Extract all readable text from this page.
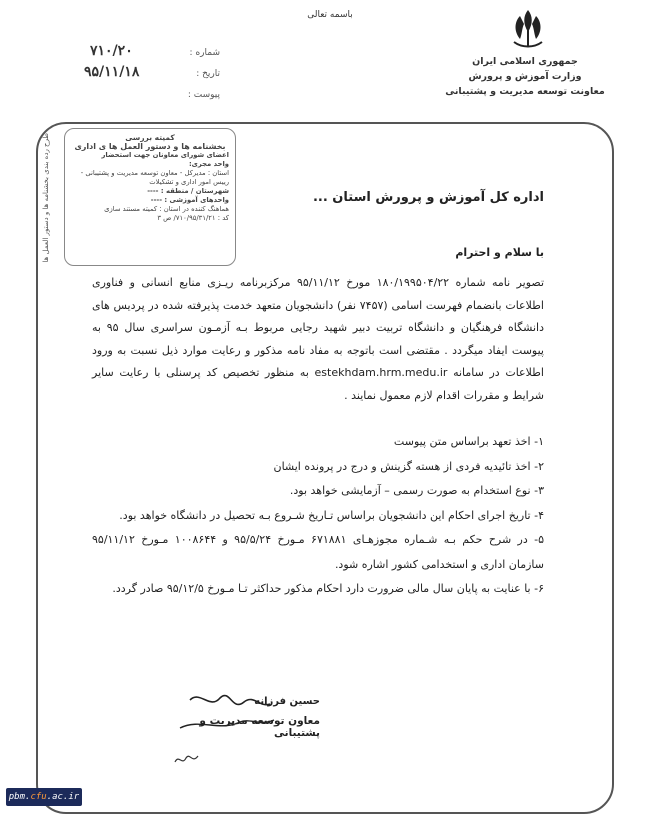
باسمه تعالی
جمهوری اسلامی ایران
وزارت آموزش و پرورش
معاونت توسعه مدیریت و پشتیبانی
شماره :
۷۱۰/۲۰
تاریخ :
۹۵/۱۱/۱۸
پیوست :
طرح رده بندی بخشنامه ها و دستور العمل ها	کمیته بررسی
بخشنامه ها و دستور العمل ها ی اداری
اعضای شورای معاونان جهت استحضار
واحد مجری:
استان : مدیرکل - معاون توسعه مدیریت و پشتیبانی -
رییس امور اداری و تشکیلات
شهرستان / منطقه : ----
واحدهای آموزشی : ----
هماهنگ کننده در استان : کمیته مستند سازی
کد : ۷۱۰/۹۵/۳۱/۲۱/ ص ۳
اداره کل آموزش و پرورش استان ...
با سلام و احترام
تصویر نامه شماره ۱۸۰/۱۹۹۵۰۴/۲۲ مورخ ۹۵/۱۱/۱۲ مرکزبرنامه ریـزی منابع انسانی و فناوری اطلاعات بانضمام فهرست اسامی (۷۴۵۷ نفر) دانشجویان متعهد خدمت پذیرفته شده در پردیس های دانشگاه فرهنگیان و دانشگاه تربیت دبیر شهید رجایی مربوط بـه آزمـون سراسری سال ۹۵ به پیوست ایفاد میگردد . مقتضی است باتوجه به مفاد نامه مذکور و رعایت موارد ذیل نسبت به ورود اطلاعات در سامانه estekhdam.hrm.medu.ir به منظور تخصیص کد پرسنلی با رعایت سایر شرایط و مقررات اقدام لازم معمول نمایند .

۱- اخذ تعهد براساس متن پیوست

۲- اخذ تائیدیه فردی از هسته گزینش و درج در پرونده ایشان

۳- نوع استخدام به صورت رسمی – آزمایشی خواهد بود.

۴- تاریخ اجرای احکام این دانشجویان براساس تـاریخ شـروع بـه تحصیل در دانشگاه خواهد بود.

۵- در شرح حکم بـه شـماره مجوزهـای ۶۷۱۸۸۱ مـورخ ۹۵/۵/۲۴ و ۱۰۰۸۶۴۴ مـورخ ۹۵/۱۱/۱۲ سازمان اداری و استخدامی کشور اشاره شود.

۶- با عنایت به پایان سال مالی ضرورت دارد احکام مذکور حداکثر تـا مـورخ ۹۵/۱۲/۵ صادر گردد.

حسین فرزانه
معاون توسعه مدیریت و پشتیبانی
pbm.cfu.ac.ir
